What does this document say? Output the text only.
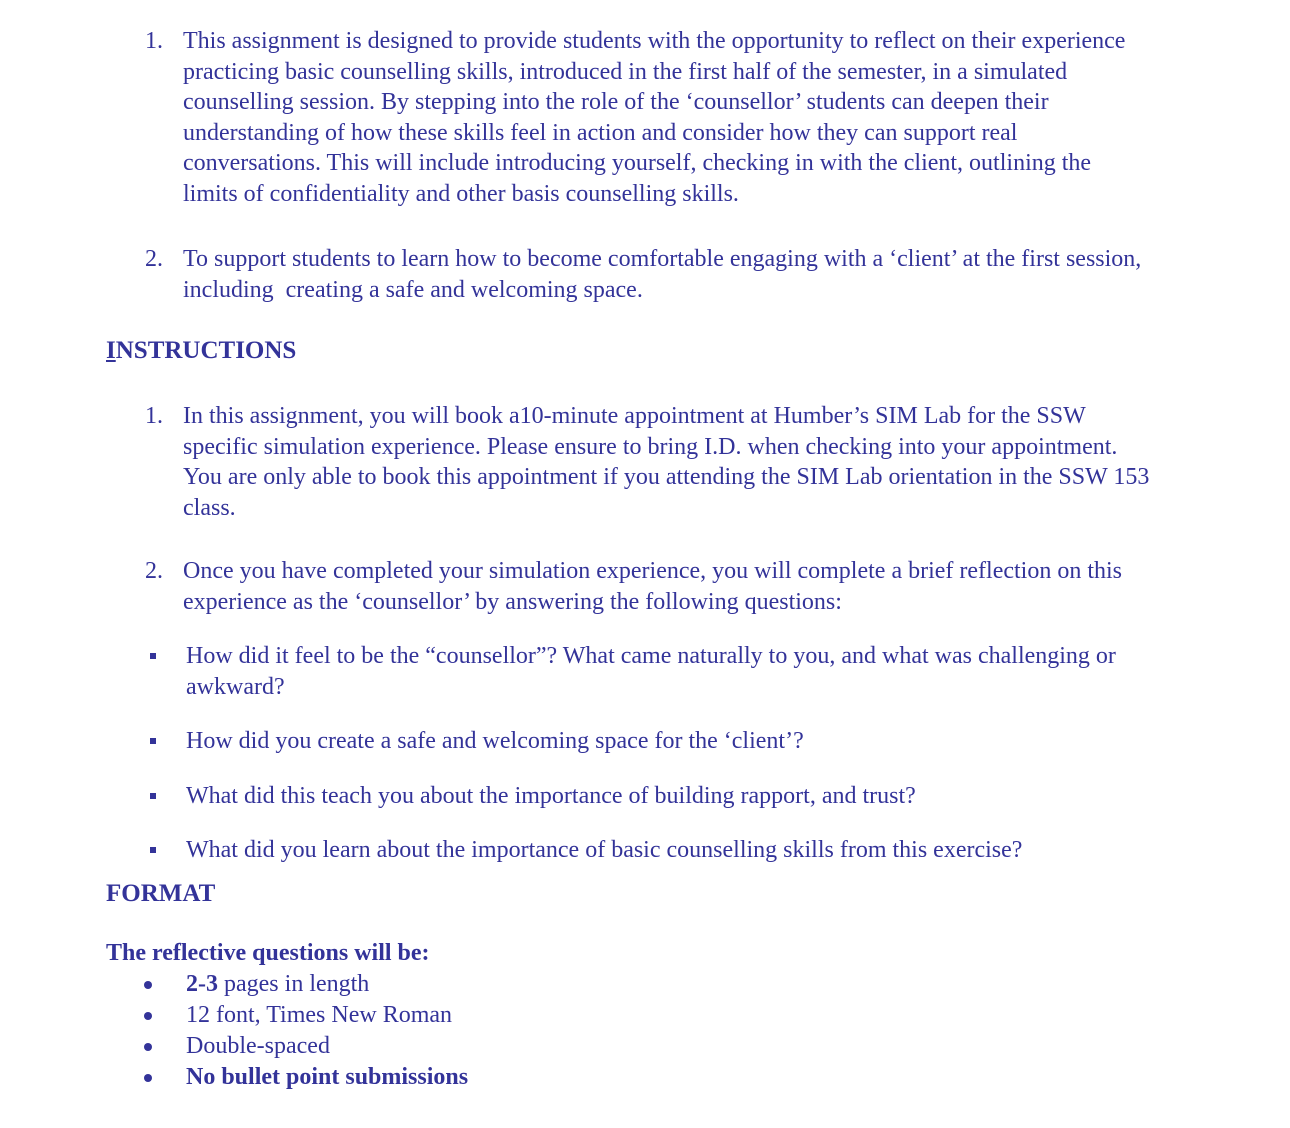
1. This assignment is designed to provide students with the opportunity to reflect on their experience practicing basic counselling skills, introduced in the first half of the semester, in a simulated counselling session. By stepping into the role of the ‘counsellor’ students can deepen their understanding of how these skills feel in action and consider how they can support real conversations. This will include introducing yourself, checking in with the client, outlining the limits of confidentiality and other basis counselling skills.
2. To support students to learn how to become comfortable engaging with a ‘client’ at the first session, including  creating a safe and welcoming space.
INSTRUCTIONS
1. In this assignment, you will book a10-minute appointment at Humber’s SIM Lab for the SSW specific simulation experience. Please ensure to bring I.D. when checking into your appointment. You are only able to book this appointment if you attending the SIM Lab orientation in the SSW 153 class.
2. Once you have completed your simulation experience, you will complete a brief reflection on this experience as the ‘counsellor’ by answering the following questions:
How did it feel to be the “counsellor”? What came naturally to you, and what was challenging or awkward?
How did you create a safe and welcoming space for the ‘client’?
What did this teach you about the importance of building rapport, and trust?
What did you learn about the importance of basic counselling skills from this exercise?
FORMAT
The reflective questions will be:
2-3 pages in length
12 font, Times New Roman
Double-spaced
No bullet point submissions
